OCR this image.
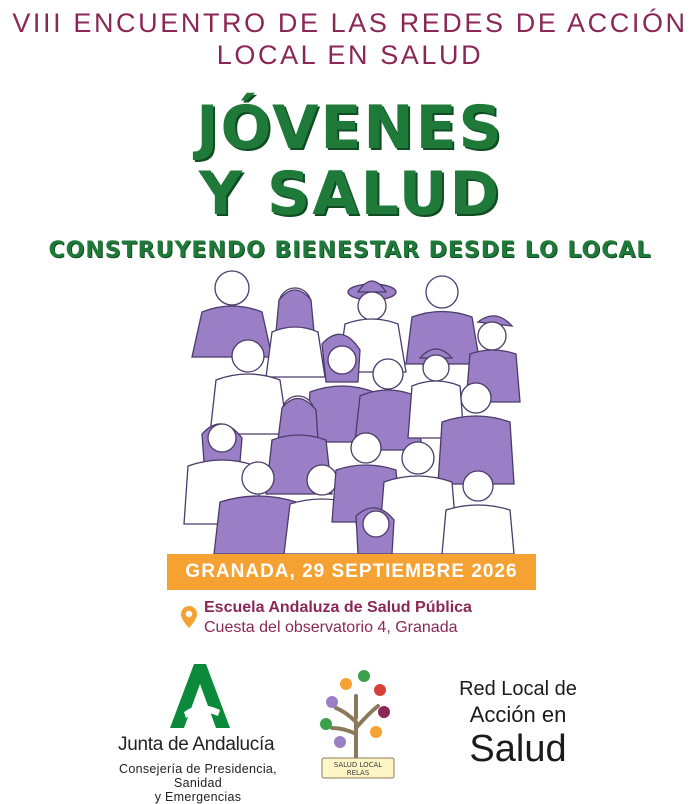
VIII ENCUENTRO DE LAS REDES DE ACCIÓN
LOCAL EN SALUD
JÓVENES
Y SALUD
CONSTRUYENDO BIENESTAR DESDE LO LOCAL
GRANADA, 29 SEPTIEMBRE 2026
Escuela Andaluza de Salud Pública
Cuesta del observatorio 4, Granada
Junta de Andalucía
Consejería de Presidencia, Sanidad
y Emergencias
SALUD LOCAL
RELAS
Red Local de
Acción en
Salud
